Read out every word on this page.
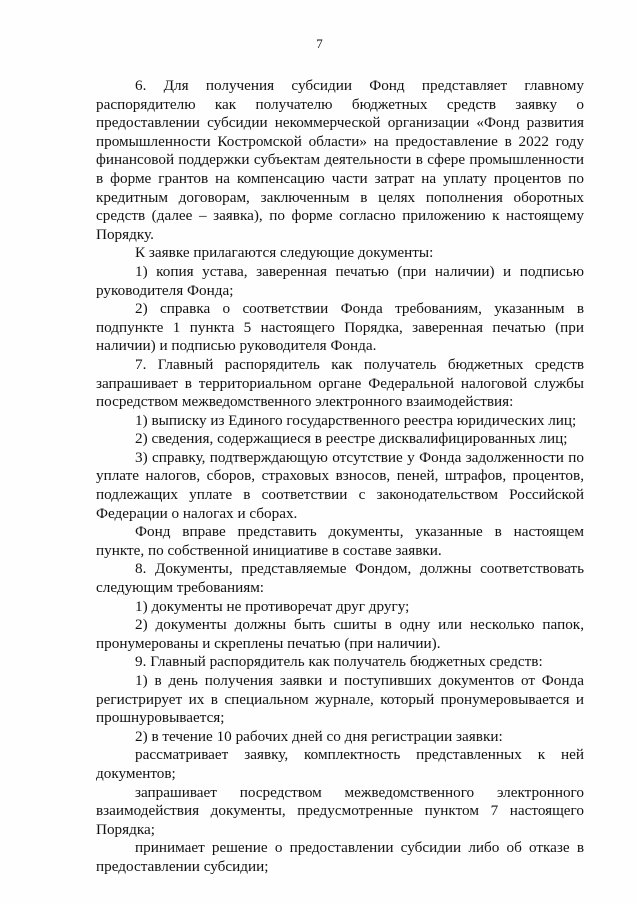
7

6. Для получения субсидии Фонд представляет главному

распорядителю как получателю бюджетных средств заявку о

предоставлении субсидии некоммерческой организации «Фонд развития

промышленности Костромской области» на предоставление в 2022 году

финансовой поддержки субъектам деятельности в сфере промышленности

в форме грантов на компенсацию части затрат на уплату процентов по

кредитным договорам, заключенным в целях пополнения оборотных

средств (далее – заявка), по форме согласно приложению к настоящему

Порядку.

К заявке прилагаются следующие документы:

1) копия устава, заверенная печатью (при наличии) и подписью

руководителя Фонда;

2) справка о соответствии Фонда требованиям, указанным в

подпункте 1 пункта 5 настоящего Порядка, заверенная печатью (при

наличии) и подписью руководителя Фонда.

7. Главный распорядитель как получатель бюджетных средств

запрашивает в территориальном органе Федеральной налоговой службы

посредством межведомственного электронного взаимодействия:

1) выписку из Единого государственного реестра юридических лиц;

2) сведения, содержащиеся в реестре дисквалифицированных лиц;

3) справку, подтверждающую отсутствие у Фонда задолженности по

уплате налогов, сборов, страховых взносов, пеней, штрафов, процентов,

подлежащих уплате в соответствии с законодательством Российской

Федерации о налогах и сборах.

Фонд вправе представить документы, указанные в настоящем

пункте, по собственной инициативе в составе заявки.

8. Документы, представляемые Фондом, должны соответствовать

следующим требованиям:

1) документы не противоречат друг другу;

2) документы должны быть сшиты в одну или несколько папок,

пронумерованы и скреплены печатью (при наличии).

9. Главный распорядитель как получатель бюджетных средств:

1) в день получения заявки и поступивших документов от Фонда

регистрирует их в специальном журнале, который пронумеровывается и

прошнуровывается;

2) в течение 10 рабочих дней со дня регистрации заявки:

рассматривает заявку, комплектность представленных к ней

документов;

запрашивает посредством межведомственного электронного

взаимодействия документы, предусмотренные пунктом 7 настоящего

Порядка;

принимает решение о предоставлении субсидии либо об отказе в

предоставлении субсидии;
